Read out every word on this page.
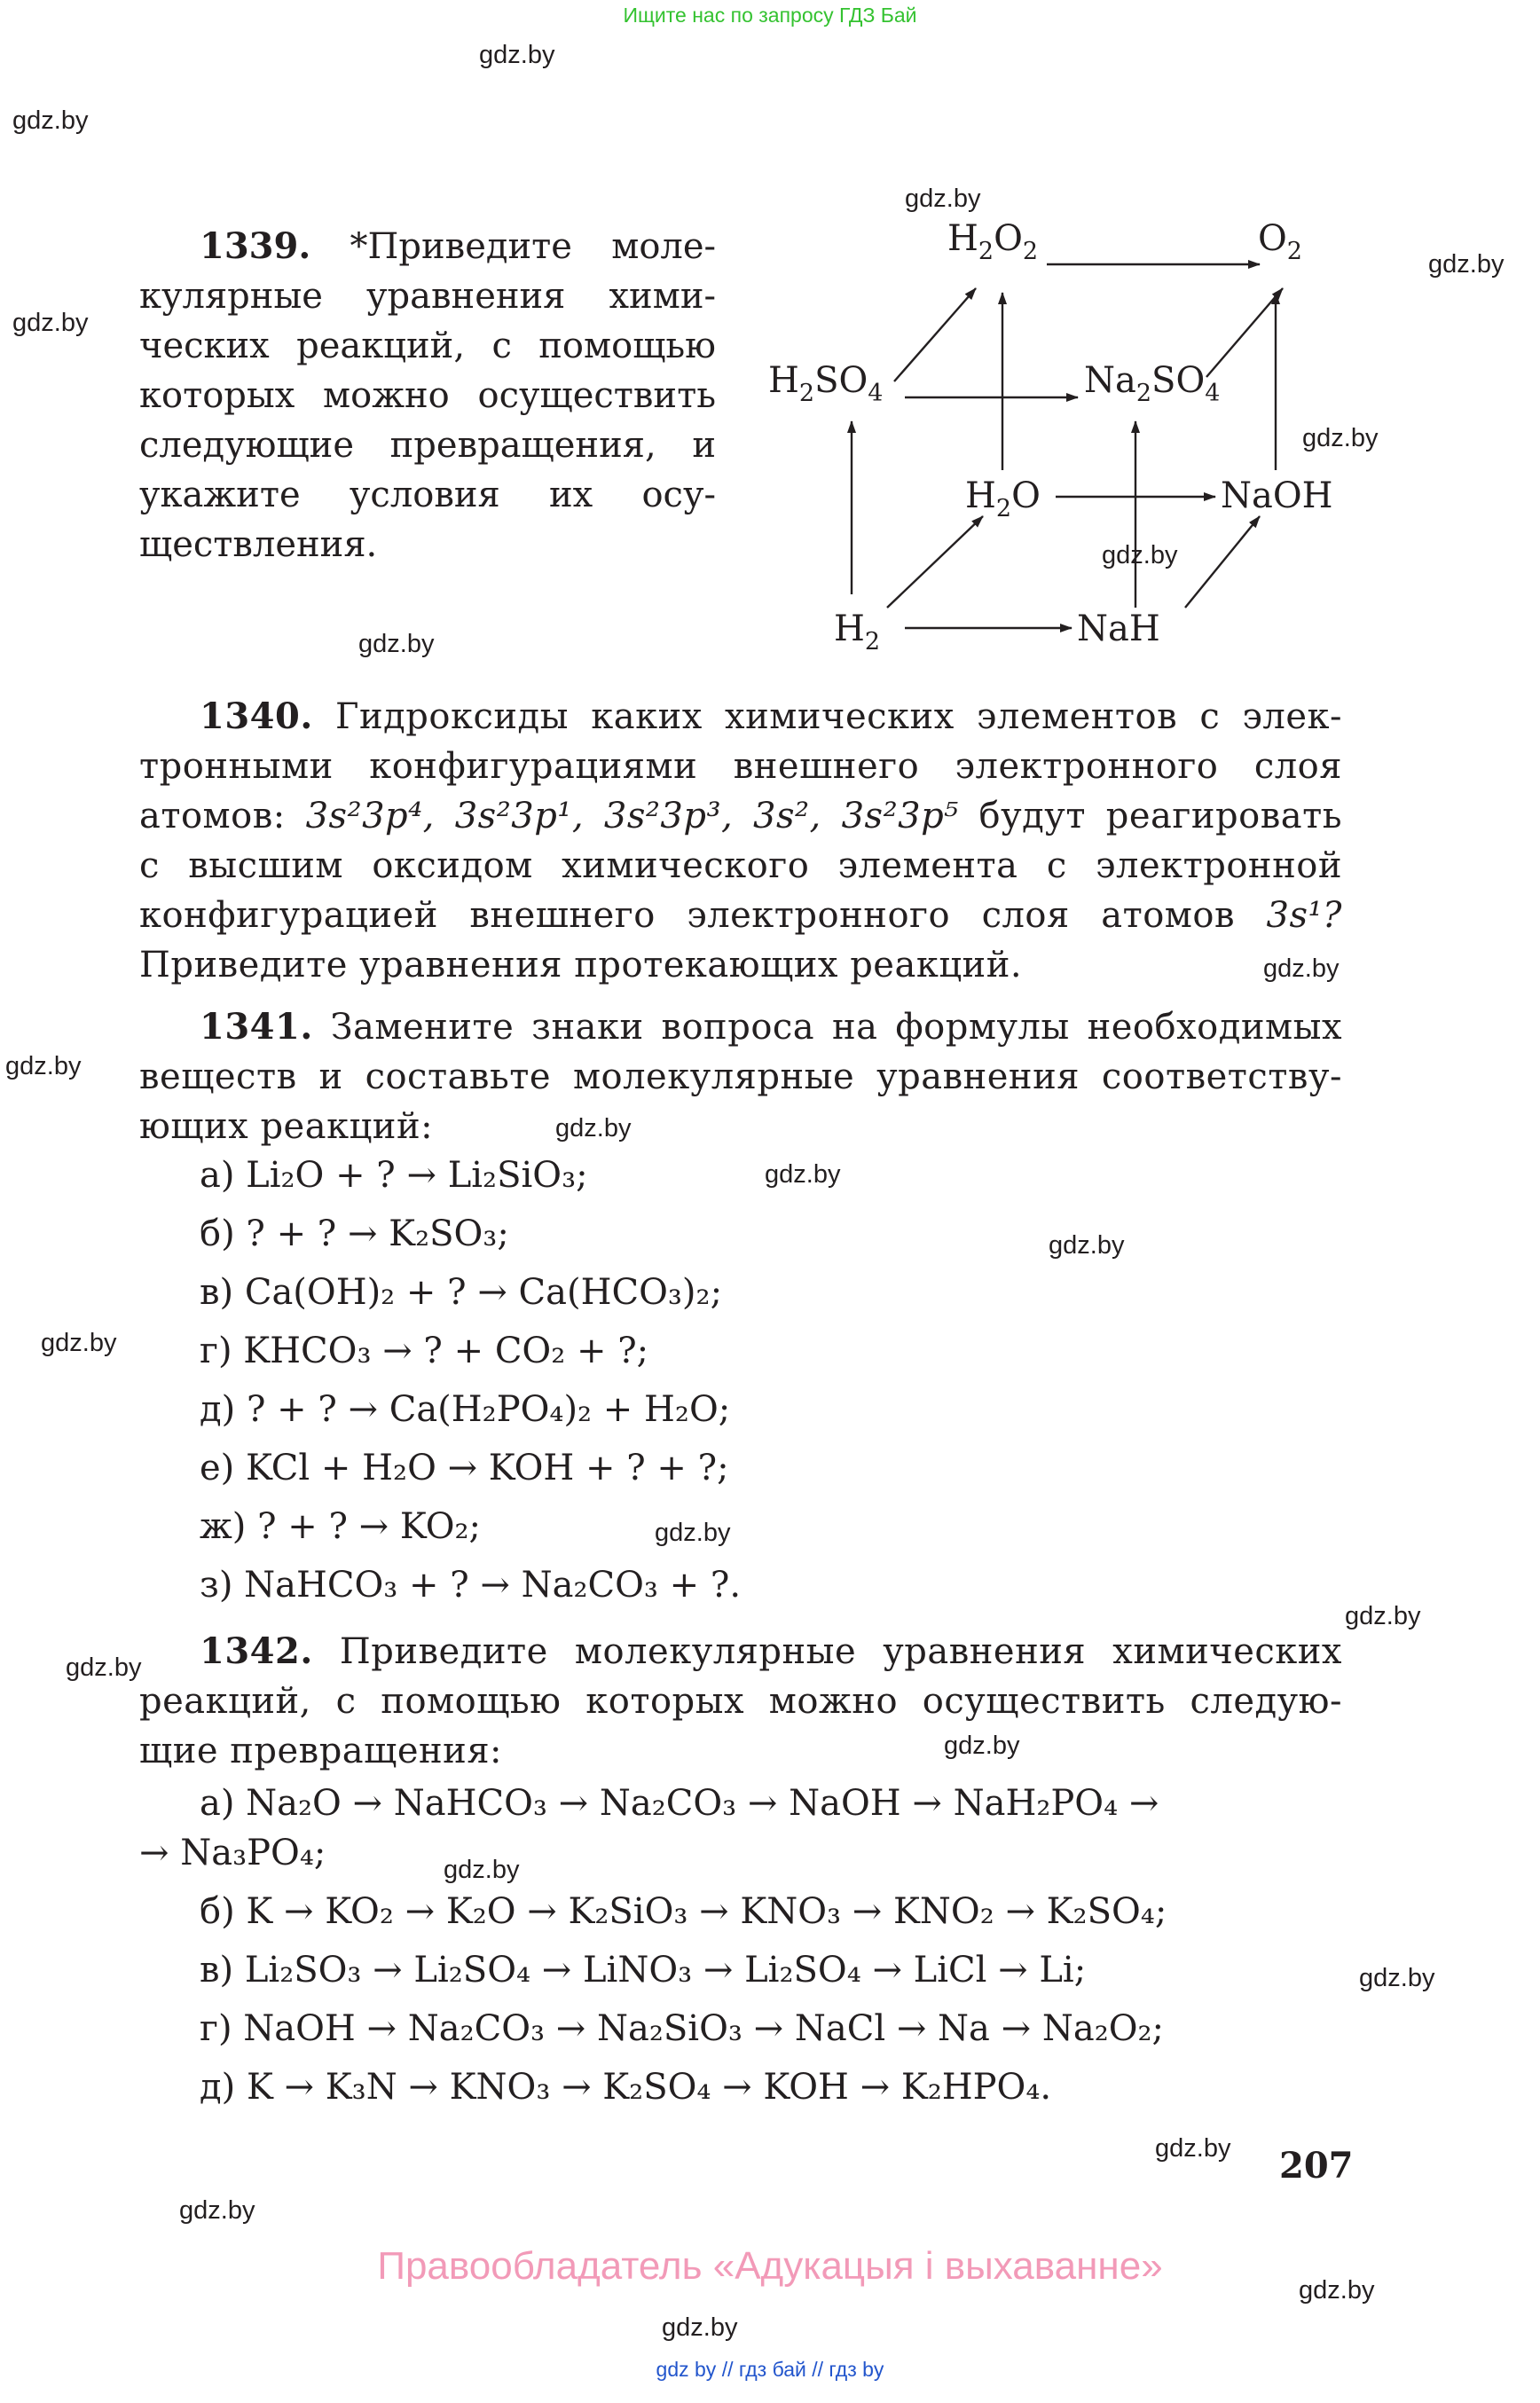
Ищите нас по запросу ГДЗ Бай
gdz.by
gdz.by
gdz.by
gdz.by
gdz.by
gdz.by
gdz.by
gdz.by
gdz.by
gdz.by
gdz.by
gdz.by
gdz.by
gdz.by
gdz.by
gdz.by
gdz.by
gdz.by
gdz.by
gdz.by
gdz.by
gdz.by
gdz.by
gdz.by
1339. *Приведите моле-
кулярные уравнения хими-
ческих реакций, с помощью
которых можно осуществить
следующие превращения, и
укажите условия их осу-
ществления.
$H_2O_2$	$O_2$
$H_2SO_4$	$Na_2SO_4$
$H_2O$	NaOH
$H_2$	NaH
1340. Гидроксиды каких химических элементов с элек-
тронными конфигурациями внешнего электронного слоя
атомов: 3s²3p⁴, 3s²3p¹, 3s²3p³, 3s², 3s²3p⁵ будут реагировать
с высшим оксидом химического элемента с электронной
конфигурацией внешнего электронного слоя атомов 3s¹?
Приведите уравнения протекающих реакций.
1341. Замените знаки вопроса на формулы необходимых
веществ и составьте молекулярные уравнения соответству-
ющих реакций:
а) Li₂O + ? → Li₂SiO₃;
б) ? + ? → K₂SO₃;
в) Ca(OH)₂ + ? → Ca(HCO₃)₂;
г) KHCO₃ → ? + CO₂ + ?;
д) ? + ? → Ca(H₂PO₄)₂ + H₂O;
е) KCl + H₂O → KOH + ? + ?;
ж) ? + ? → KO₂;
з) NaHCO₃ + ? → Na₂CO₃ + ?.
1342. Приведите молекулярные уравнения химических
реакций, с помощью которых можно осуществить следую-
щие превращения:
а) Na₂O → NaHCO₃ → Na₂CO₃ → NaOH → NaH₂PO₄ →
→ Na₃PO₄;
б) K → KO₂ → K₂O → K₂SiO₃ → KNO₃ → KNO₂ → K₂SO₄;
в) Li₂SO₃ → Li₂SO₄ → LiNO₃ → Li₂SO₄ → LiCl → Li;
г) NaOH → Na₂CO₃ → Na₂SiO₃ → NaCl → Na → Na₂O₂;
д) K → K₃N → KNO₃ → K₂SO₄ → KOH → K₂HPO₄.
207
Правообладатель «Адукацыя і выхаванне»
gdz by // гдз бай // гдз by
